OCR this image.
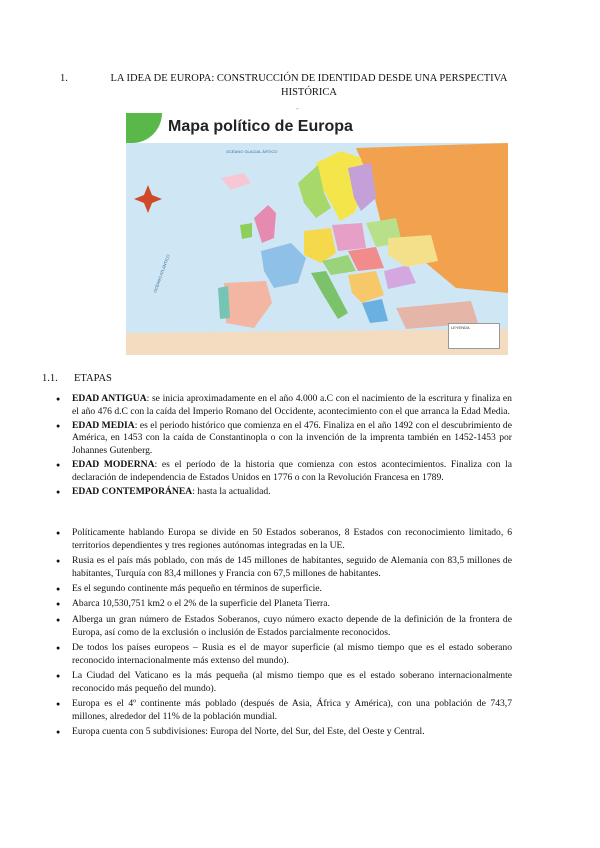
1.	LA IDEA DE EUROPA: CONSTRUCCIÓN DE IDENTIDAD DESDE UNA PERSPECTIVA HISTÓRICA
-
Mapa político de Europa
OCÉANO GLACIAL ÁRTICO
OCÉANO ATLÁNTICO
LEYENDA
1.1. ETAPAS
● EDAD ANTIGUA: se inicia aproximadamente en el año 4.000 a.C con el nacimiento de la escritura y finaliza en el año 476 d.C con la caída del Imperio Romano del Occidente, acontecimiento con el que arranca la Edad Media.
● EDAD MEDIA: es el periodo histórico que comienza en el 476. Finaliza en el año 1492 con el descubrimiento de América, en 1453 con la caída de Constantinopla o con la invención de la imprenta también en 1452-1453 por Johannes Gutenberg.
● EDAD MODERNA: es el período de la historia que comienza con estos acontecimientos. Finaliza con la declaración de independencia de Estados Unidos en 1776 o con la Revolución Francesa en 1789.
● EDAD CONTEMPORÁNEA: hasta la actualidad.
● Políticamente hablando Europa se divide en 50 Estados soberanos, 8 Estados con reconocimiento limitado, 6 territorios dependientes y tres regiones autónomas integradas en la UE.
● Rusia es el país más poblado, con más de 145 millones de habitantes, seguido de Alemania con 83,5 millones de habitantes, Turquía con 83,4 millones y Francia con 67,5 millones de habitantes.
● Es el segundo continente más pequeño en términos de superficie.
● Abarca 10,530,751 km2 o el 2% de la superficie del Planeta Tierra.
● Alberga un gran número de Estados Soberanos, cuyo número exacto depende de la definición de la frontera de Europa, así como de la exclusión o inclusión de Estados parcialmente reconocidos.
● De todos los países europeos – Rusia es el de mayor superficie (al mismo tiempo que es el estado soberano reconocido internacionalmente más extenso del mundo).
● La Ciudad del Vaticano es la más pequeña (al mismo tiempo que es el estado soberano internacionalmente reconocido más pequeño del mundo).
● Europa es el 4º continente más poblado (después de Asia, África y América), con una población de 743,7 millones, alrededor del 11% de la población mundial.
● Europa cuenta con 5 subdivisiones: Europa del Norte, del Sur, del Este, del Oeste y Central.
